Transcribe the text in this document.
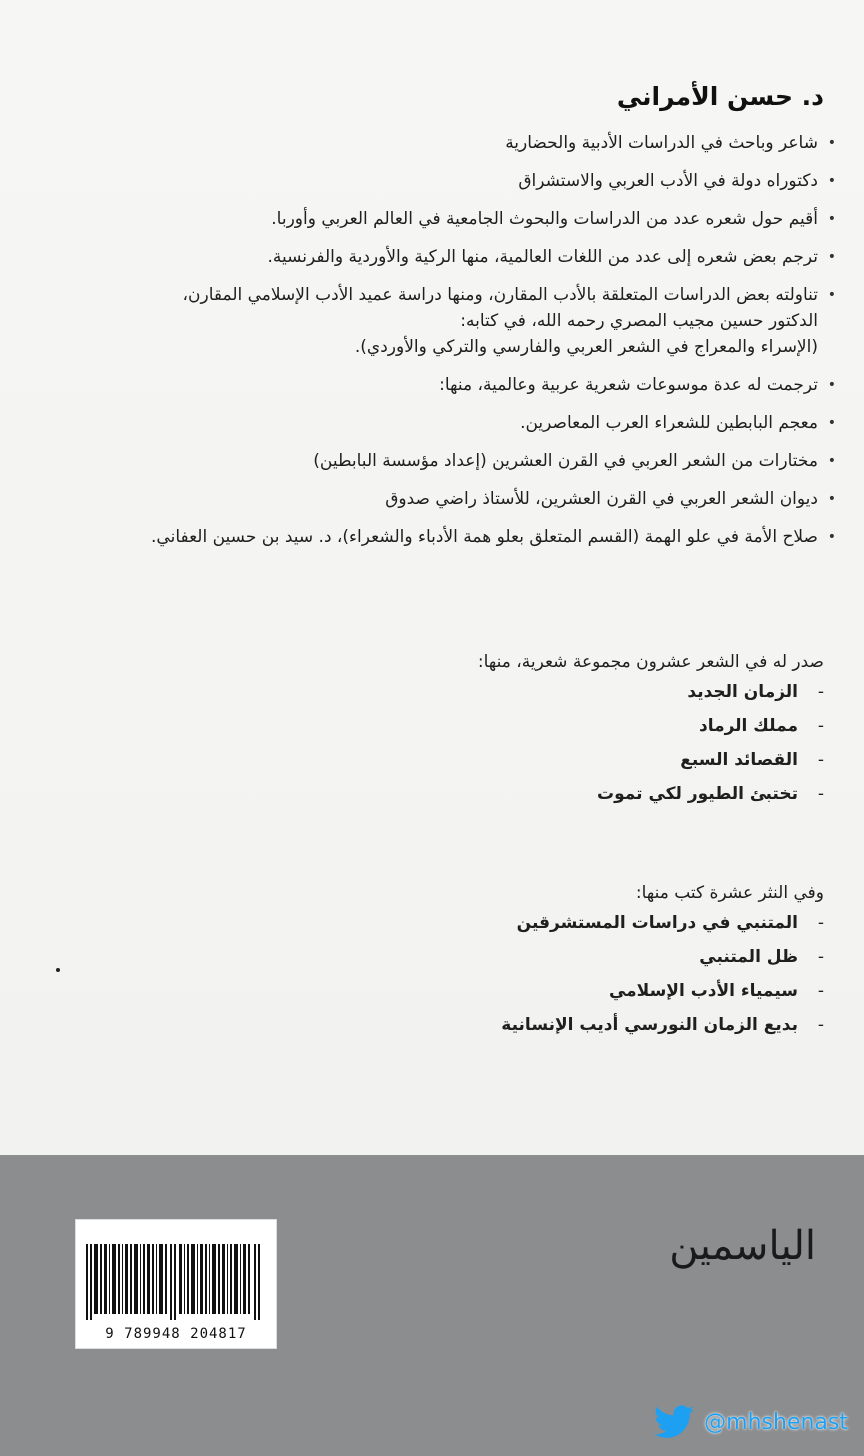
د. حسن الأمراني
•
شاعر وباحث في الدراسات الأدبية والحضارية
•
دكتوراه دولة في الأدب العربي والاستشراق
•
أقيم حول شعره عدد من الدراسات والبحوث الجامعية في العالم العربي وأوربا.
•
ترجم بعض شعره إلى عدد من اللغات العالمية، منها الركية والأوردية والفرنسية.
•
تناولته بعض الدراسات المتعلقة بالأدب المقارن، ومنها دراسة عميد الأدب الإسلامي المقارن،
الدكتور حسين مجيب المصري رحمه الله، في كتابه:
(الإسراء والمعراج في الشعر العربي والفارسي والتركي والأوردي).
•
ترجمت له عدة موسوعات شعرية عربية وعالمية، منها:
•
معجم البابطين للشعراء العرب المعاصرين.
•
مختارات من الشعر العربي في القرن العشرين (إعداد مؤسسة البابطين)
•
ديوان الشعر العربي في القرن العشرين، للأستاذ راضي صدوق
•
صلاح الأمة في علو الهمة (القسم المتعلق بعلو همة الأدباء والشعراء)، د. سيد بن حسين العفاني.
صدر له في الشعر عشرون مجموعة شعرية، منها:
-الزمان الجديد
-مملك الرماد
-القصائد السبع
-تختبئ الطيور لكي تموت
وفي النثر عشرة كتب منها:
-المتنبي في دراسات المستشرقين
-ظل المتنبي
-سيمياء الأدب الإسلامي
-بديع الزمان النورسي أديب الإنسانية
9 789948 204817
الياسمين
@mhshenast
